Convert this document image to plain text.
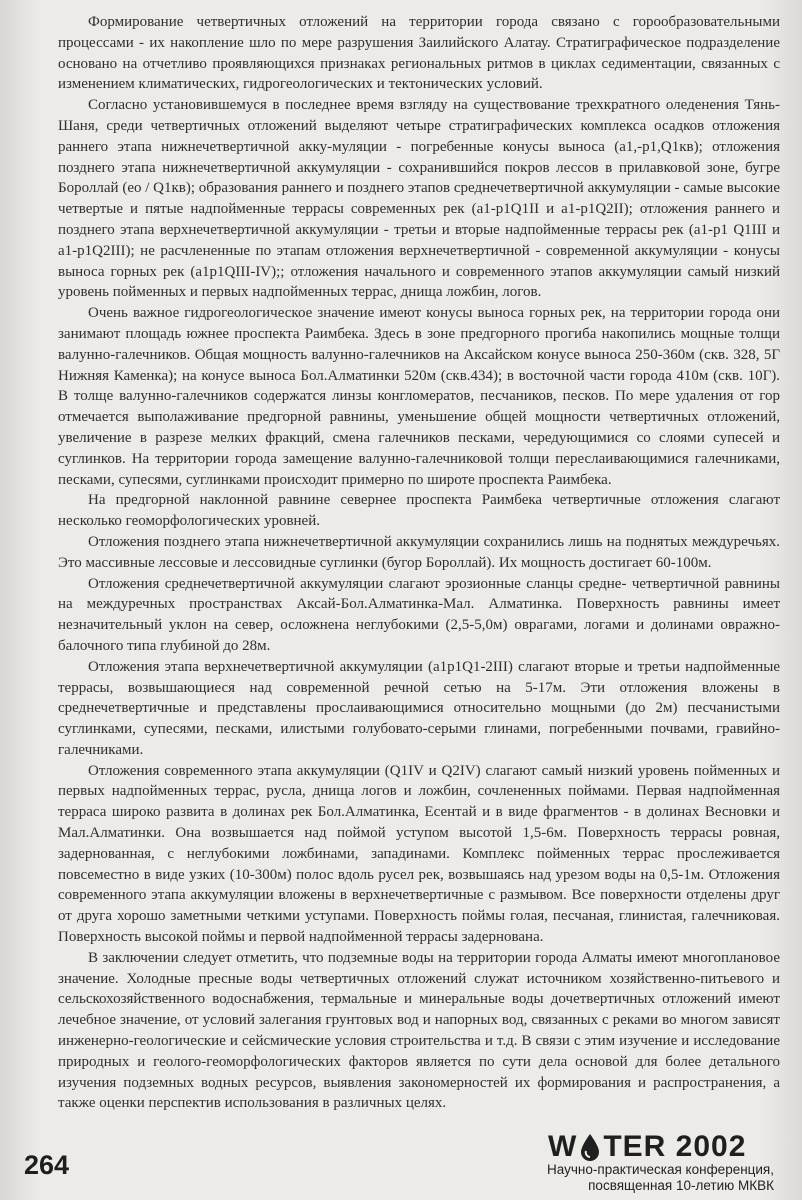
Формирование четвертичных отложений на территории города связано с горообразовательными процессами - их накопление шло по мере разрушения Заилийского Алатау. Стратиграфическое подразделение основано на отчетливо проявляющихся признаках региональных ритмов в циклах седиментации, связанных с изменением климатических, гидрогеологических и тектонических условий.

Согласно установившемуся в последнее время взгляду на существование трехкратного оледенения Тянь-Шаня, среди четвертичных отложений выделяют четыре стратиграфических комплекса осадков отложения раннего этапа нижнечетвертичной акку-муляции - погребенные конусы выноса (a1,-p1,Q1кв); отложения позднего этапа нижнечетвертичной аккумуляции - сохранившийся покров лессов в прилавковой зоне, бугре Бороллай (eo / Q1кв); образования раннего и позднего этапов среднечетвертичной аккумуляции - самые высокие четвертые и пятые надпойменные террасы современных рек (a1-p1Q1II и a1-p1Q2II); отложения раннего и позднего этапа верхнечетвертичной аккумуляции - третьи и вторые надпойменные террасы рек (a1-p1 Q1III и a1-p1Q2III); не расчлененные по этапам отложения верхнечетвертичной - современной аккумуляции - конусы выноса горных рек (a1p1QIII-IV);; отложения начального и современного этапов аккумуляции самый низкий уровень пойменных и первых надпойменных террас, днища ложбин, логов.

Очень важное гидрогеологическое значение имеют конусы выноса горных рек, на территории города они занимают площадь южнее проспекта Раимбека. Здесь в зоне предгорного прогиба накопились мощные толщи валунно-галечников. Общая мощность валунно-галечников на Аксайском конусе выноса 250-360м (скв. 328, 5Г Нижняя Каменка); на конусе выноса Бол.Алматинки 520м (скв.434); в восточной части города 410м (скв. 10Г). В толще валунно-галечников содержатся линзы конгломератов, песчаников, песков. По мере удаления от гор отмечается выполаживание предгорной равнины, уменьшение общей мощности четвертичных отложений, увеличение в разрезе мелких фракций, смена галечников песками, чередующимися со слоями супесей и суглинков. На территории города замещение валунно-галечниковой толщи переслаивающимися галечниками, песками, супесями, суглинками происходит примерно по широте проспекта Раимбека.

На предгорной наклонной равнине севернее проспекта Раимбека четвертичные отложения слагают несколько геоморфологических уровней.

Отложения позднего этапа нижнечетвертичной аккумуляции сохранились лишь на поднятых междуречьях. Это массивные лессовые и лессовидные суглинки (бугор Бороллай). Их мощность достигает 60-100м.

Отложения среднечетвертичной аккумуляции слагают эрозионные сланцы средне- четвертичной равнины на междуречных пространствах Аксай-Бол.Алматинка-Мал. Алматинка. Поверхность равнины имеет незначительный уклон на север, осложнена неглубокими (2,5-5,0м) оврагами, логами и долинами овражно-балочного типа глубиной до 28м.

Отложения этапа верхнечетвертичной аккумуляции (a1p1Q1-2III) слагают вторые и третьи надпойменные террасы, возвышающиеся над современной речной сетью на 5-17м. Эти отложения вложены в среднечетвертичные и представлены прослаивающимися относительно мощными (до 2м) песчанистыми суглинками, супесями, песками, илистыми голубовато-серыми глинами, погребенными почвами, гравийно-галечниками.

Отложения современного этапа аккумуляции (Q1IV и Q2IV) слагают самый низкий уровень пойменных и первых надпойменных террас, русла, днища логов и ложбин, сочлененных поймами. Первая надпойменная терраса широко развита в долинах рек Бол.Алматинка, Есентай и в виде фрагментов - в долинах Весновки и Мал.Алматинки. Она возвышается над поймой уступом высотой 1,5-6м. Поверхность террасы ровная, задернованная, с неглубокими ложбинами, западинами. Комплекс пойменных террас прослеживается повсеместно в виде узких (10-300м) полос вдоль русел рек, возвышаясь над урезом воды на 0,5-1м. Отложения современного этапа аккумуляции вложены в верхнечетвертичные с размывом. Все поверхности отделены друг от друга хорошо заметными четкими уступами. Поверхность поймы голая, песчаная, глинистая, галечниковая. Поверхность высокой поймы и первой надпойменной террасы задернована.

В заключении следует отметить, что подземные воды на территории города Алматы имеют многоплановое значение. Холодные пресные воды четвертичных отложений служат источником хозяйственно-питьевого и сельскохозяйственного водоснабжения, термальные и минеральные воды дочетвертичных отложений имеют лечебное значение, от условий залегания грунтовых вод и напорных вод, связанных с реками во многом зависят инженерно-геологические и сейсмические условия строительства и т.д. В связи с этим изучение и исследование природных и геолого-геоморфологических факторов является по сути дела основой для более детального изучения подземных водных ресурсов, выявления закономерностей их формирования и распространения, а также оценки перспектив использования в различных целях.

264
W TER 2002
Научно-практическая конференция,
посвященная 10-летию МКВК
